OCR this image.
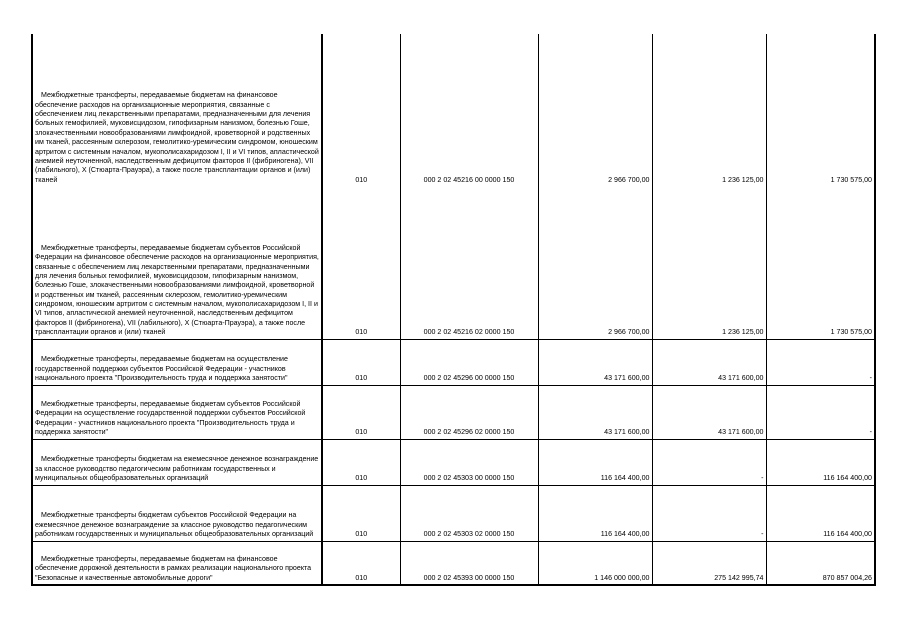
Межбюджетные трансферты, передаваемые бюджетам на финансовое обеспечение расходов на организационные мероприятия, связанные с обеспечением лиц лекарственными препаратами, предназначенными для лечения больных гемофилией, муковисцидозом, гипофизарным нанизмом, болезнью Гоше, злокачественными новообразованиями лимфоидной, кроветворной и родственных им тканей, рассеянным склерозом, гемолитико-уремическим синдромом, юношеским артритом с системным началом, мукополисахаридозом I, II и VI типов, апластической анемией неуточненной, наследственным дефицитом факторов II (фибриногена), VII (лабильного), X (Стюарта-Прауэра), а также после трансплантации органов и (или) тканей	010	000 2 02 45216 00 0000 150	2 966 700,00	1 236 125,00	1 730 575,00

Межбюджетные трансферты, передаваемые бюджетам субъектов Российской Федерации на финансовое обеспечение расходов на организационные мероприятия, связанные с обеспечением лиц лекарственными препаратами, предназначенными для лечения больных гемофилией, муковисцидозом, гипофизарным нанизмом, болезнью Гоше, злокачественными новообразованиями лимфоидной, кроветворной и родственных им тканей, рассеянным склерозом, гемолитико-уремическим синдромом, юношеским артритом с системным началом, мукополисахаридозом I, II и VI типов, апластической анемией неуточненной, наследственным дефицитом факторов II (фибриногена), VII (лабильного), X (Стюарта-Прауэра), а также после трансплантации органов и (или) тканей	010	000 2 02 45216 02 0000 150	2 966 700,00	1 236 125,00	1 730 575,00

Межбюджетные трансферты, передаваемые бюджетам на осуществление государственной поддержки субъектов Российской Федерации - участников национального проекта "Производительность труда и поддержка занятости"	010	000 2 02 45296 00 0000 150	43 171 600,00	43 171 600,00	-

Межбюджетные трансферты, передаваемые бюджетам субъектов Российской Федерации на осуществление государственной поддержки субъектов Российской Федерации - участников национального проекта "Производительность труда и поддержка занятости"	010	000 2 02 45296 02 0000 150	43 171 600,00	43 171 600,00	-

Межбюджетные трансферты бюджетам на ежемесячное денежное вознаграждение за классное руководство педагогическим работникам государственных и муниципальных общеобразовательных организаций	010	000 2 02 45303 00 0000 150	116 164 400,00	-	116 164 400,00

Межбюджетные трансферты бюджетам субъектов Российской Федерации на ежемесячное денежное вознаграждение за классное руководство педагогическим работникам государственных и муниципальных общеобразовательных организаций	010	000 2 02 45303 02 0000 150	116 164 400,00	-	116 164 400,00

Межбюджетные трансферты, передаваемые бюджетам на финансовое обеспечение дорожной деятельности в рамках реализации национального проекта "Безопасные и качественные автомобильные дороги"	010	000 2 02 45393 00 0000 150	1 146 000 000,00	275 142 995,74	870 857 004,26
